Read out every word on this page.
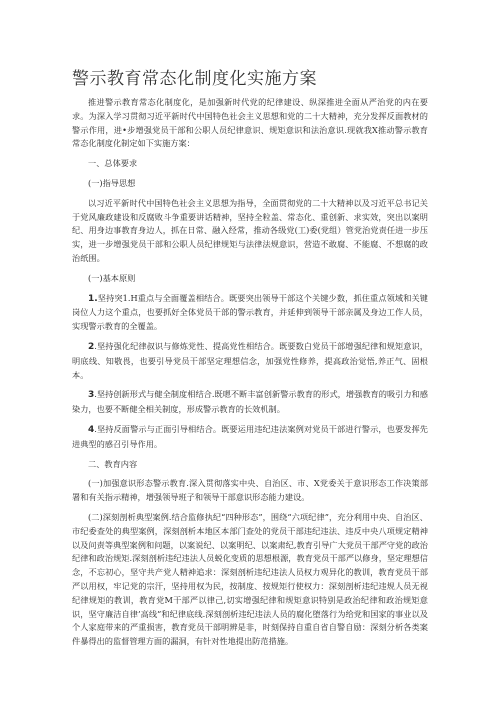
警示教育常态化制度化实施方案

推进警示教育常态化制度化，是加强新时代党的纪律建设、纵深推进全面从严治党的内在要求。为深入学习贯彻习近平新时代中国特色社会主义思想和党的二十大精神，充分发挥反面教材的警示作用，进•步增强党员干部和公职人员纪律意识、规矩意识和法治意识.现就我X推动警示教育常态化制度化制定如下实施方案：

一、总体要求

(一)指导思想

以习近平新时代中国特色社会主义思想为指导，全面贯彻党的二十大精神以及习近平总书记关于党风廉政建设和反腐败斗争重要讲话精神，坚持全粒盖、常态化、重创新、求实效，突出以案明纪、用身边事教育身边人，抓在日常、融入经常，推动各级党(工)委(党组）管党治党责任进一步压实，进一步增强党员干部和公职人员纪律规矩与法律法规意识，营造不敢腐、不能腐、不想腐的政治纸围。

(一)基本原则

1.坚持突1.H重点与全面覆盖相结合。既要突出领导干部这个关键少数，抓住重点领域和关键岗位人力这个重点，也要抓好全体党员干部的警示教育，并延伸到领导干部亲属及身边工作人员，实现警示教育的全覆盖。

2.坚持强化纪律叔识与修炼党性、提高党性相结合。既要数白党员干部增强纪律和规矩意识，明底线、知敬畏，也要引导党员干部坚定理想信念，加强党性修养，提高政治觉悟,养正气、固根本。

3.坚持创新形式与健全制度相结合.既嗯不断丰富创新警示教育的形式，增强教育的吸引力和感染力，也要不断健全相关制度，形成警示教育的长效机制。

4.坚持反面警示与正面引导相结合。既要运用违纪违法案例对党员干部进行警示，也要发挥先进典型的感召引导作用。

二、教育内容

(一)加强意识形态警示教育.深入贯彻落实中央、自治区、市、X党委关于意识形态工作决策部署和有关指示精神，增强领导班子和领导干部意识形态能力建设。

(二)深刻剖析典型案例.结合监修执纪“四种形态”，围绕“六项纪律”，充分利用中央、自治区、市纪委查处的典型案例，深刻剖析本地区本部门查处的党员干部违纪违法、违反中央八项规定精神以及问责等典型案例和问题，以案说纪、以案明纪、以案肃纪,教育引导广大党员干部严守党的政治纪律和政治规矩.深刻剖析违纪违法人员蜕化变质的思想根源，教育党员干部严以修身，坚定理想信念，不忘初心，坚守共产党人精神追求：深刻剖析违纪违法人员权力观异化的教训，教育党员干部严以用权，牢记党的宗汗，坚持用权为民，按制度、按规矩行使权力：深刻剖析违纪违规人员无视纪律规矩的教训，教育党M干部严以律己,切实增强纪律和规矩意识特别是政治纪律和政治规矩意识，坚守廉洁自律’高线”和纪律底线.深刻剖析违纪违法人员的腐化堕落行为给党和国家的事业以及个人家庭带来的严重损害，教育党员干部明辨是非，时刻保持自重自省自警自励：深刻分析各类案件暴得出的监督管理方面的漏洞，有针对性地提出防范措施。
